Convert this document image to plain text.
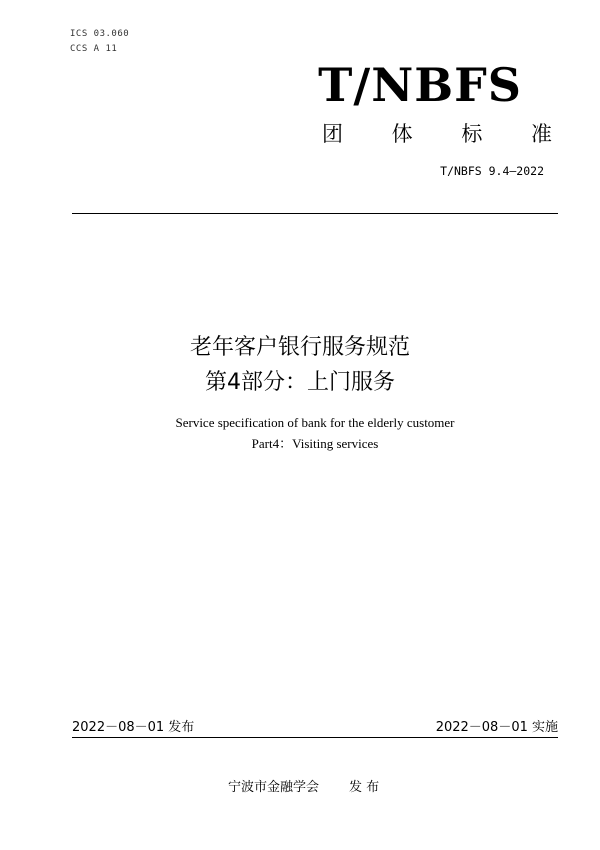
ICS 03.060
CCS A 11
T/NBFS
团 体 标 准
T/NBFS 9.4—2022
老年客户银行服务规范
第4部分：上门服务
Service specification of bank for the elderly customer
Part4：Visiting services
2022－08－01 发布	2022－08－01 实施
宁波市金融学会 发 布
